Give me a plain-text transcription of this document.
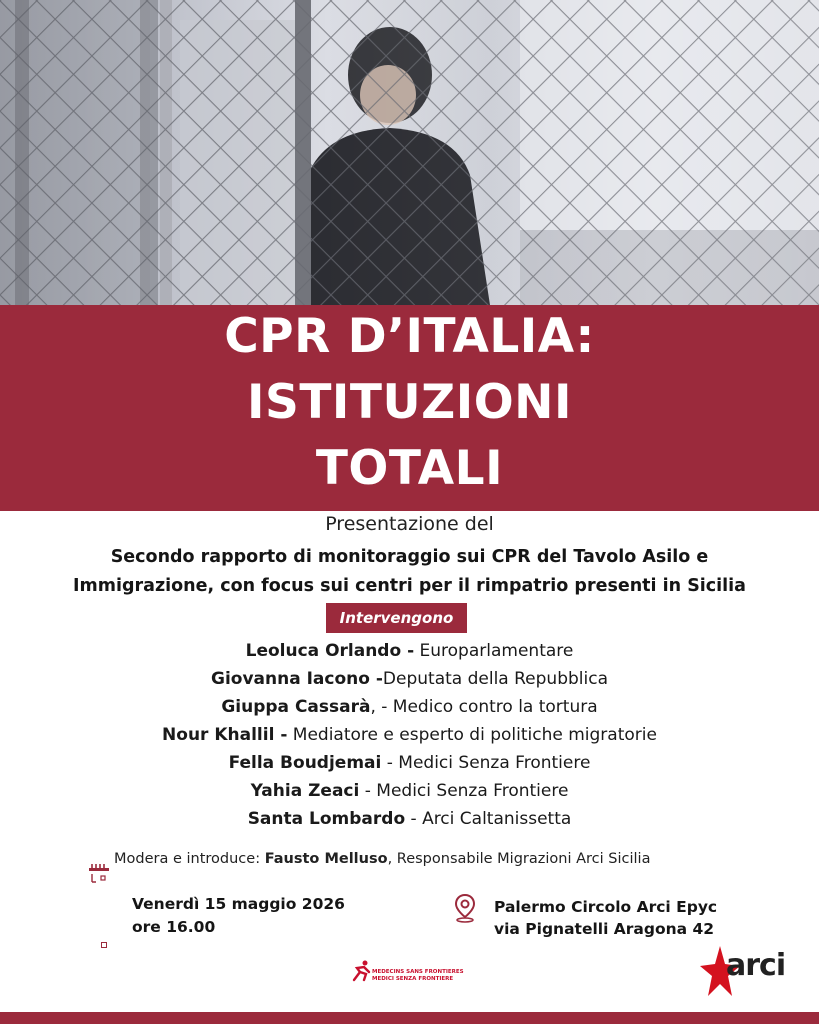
CPR D’ITALIA:
ISTITUZIONI
TOTALI
Presentazione del
Secondo rapporto di monitoraggio sui CPR del Tavolo Asilo e
Immigrazione, con focus sui centri per il rimpatrio presenti in Sicilia
Intervengono
Leoluca Orlando - Europarlamentare
Giovanna Iacono -Deputata della Repubblica
Giuppa Cassarà, - Medico contro la tortura
Nour Khallil - Mediatore e esperto di politiche migratorie
Fella Boudjemai - Medici Senza Frontiere
Yahia Zeaci - Medici Senza Frontiere
Santa Lombardo - Arci Caltanissetta
Modera e introduce: Fausto Melluso, Responsabile Migrazioni Arci Sicilia
Venerdì 15 maggio 2026
ore 16.00
Palermo Circolo Arci Epyc
via Pignatelli Aragona 42
MEDECINS SANS FRONTIERES
MEDICI SENZA FRONTIERE	arci
